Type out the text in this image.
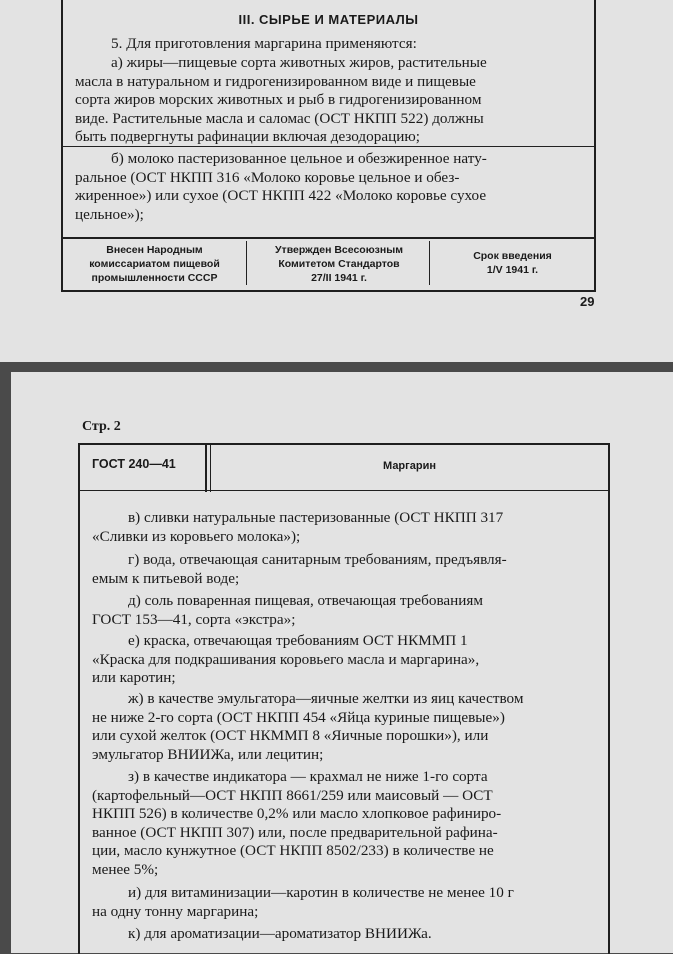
III. СЫРЬЕ И МАТЕРИАЛЫ
5. Для приготовления маргарина применяются:
а) жиры—пищевые сорта животных жиров, растительные
масла в натуральном и гидрогенизированном виде и пищевые
сорта жиров морских животных и рыб в гидрогенизированном
виде. Растительные масла и саломас (ОСТ НКПП 522) должны
быть подвергнуты рафинации включая дезодорацию;
б) молоко пастеризованное цельное и обезжиренное нату-
ральное (ОСТ НКПП 316 «Молоко коровье цельное и обез-
жиренное») или сухое (ОСТ НКПП 422 «Молоко коровье сухое
цельное»);
Внесен Народным
комиссариатом пищевой
промышленности СССР
Утвержден Всесоюзным
Комитетом Стандартов
27/II 1941 г.
Срок введения
1/V 1941 г.
29
Стр. 2
ГОСТ 240—41	Маргарин
в) сливки натуральные пастеризованные (ОСТ НКПП 317
«Сливки из коровьего молока»);
г) вода, отвечающая санитарным требованиям, предъявля-
емым к питьевой воде;
д) соль поваренная пищевая, отвечающая требованиям
ГОСТ 153—41, сорта «экстра»;
е) краска, отвечающая требованиям ОСТ НКММП 1
«Краска для подкрашивания коровьего масла и маргарина»,
или каротин;
ж) в качестве эмульгатора—яичные желтки из яиц качеством
не ниже 2-го сорта (ОСТ НКПП 454 «Яйца куриные пищевые»)
или сухой желток (ОСТ НКММП 8 «Яичные порошки»), или
эмульгатор ВНИИЖа, или лецитин;
з) в качестве индикатора — крахмал не ниже 1-го сорта
(картофельный—ОСТ НКПП 8661/259 или маисовый — ОСТ
НКПП 526) в количестве 0,2% или масло хлопковое рафиниро-
ванное (ОСТ НКПП 307) или, после предварительной рафина-
ции, масло кунжутное (ОСТ НКПП 8502/233) в количестве не
менее 5%;
и) для витаминизации—каротин в количестве не менее 10 г
на одну тонну маргарина;
к) для ароматизации—ароматизатор ВНИИЖа.
